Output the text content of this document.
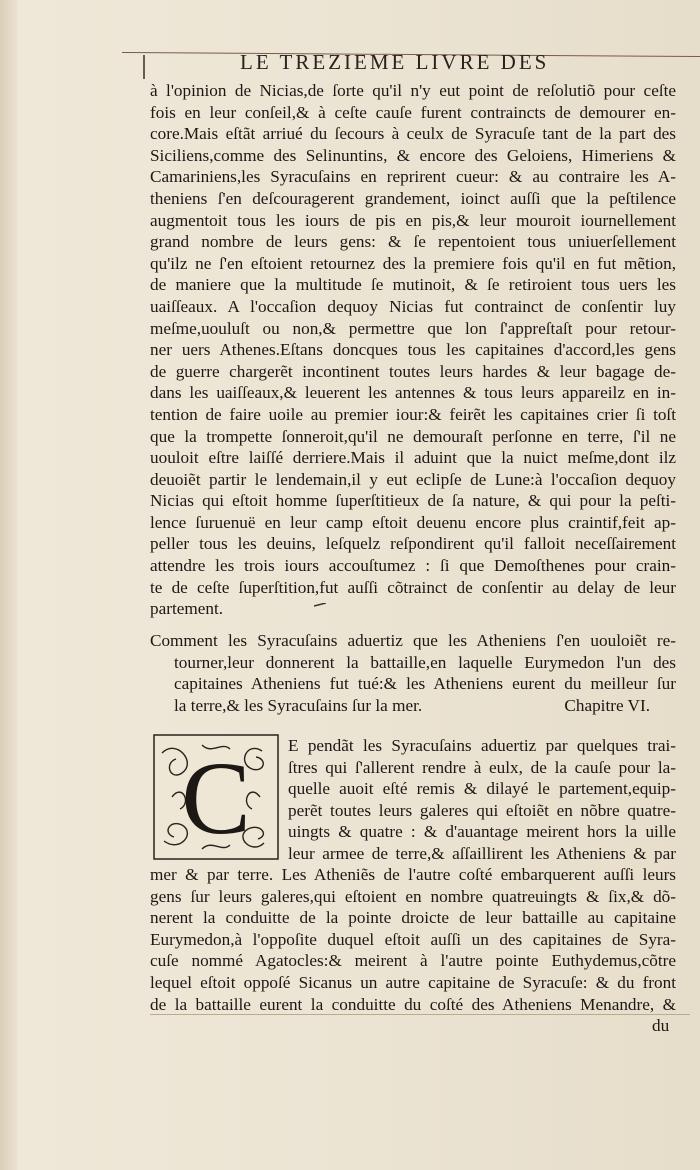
LE TREZIEME LIVRE DES
à l'opinion de Nicias,de ſorte qu'il n'y eut point de reſolutiõ pour ceſte
fois en leur conſeil,& à ceſte cauſe furent contraincts de demourer en-
core.Mais eſtãt arriué du ſecours à ceulx de Syracuſe tant de la part des
Siciliens,comme des Selinuntins, & encore des Geloiens, Himeriens &
Camariniens,les Syracuſains en reprirent cueur: & au contraire les A-
theniens ſ'en deſcouragerent grandement, ioinct auſſi que la peſtilence
augmentoit tous les iours de pis en pis,& leur mouroit iournellement
grand nombre de leurs gens: & ſe repentoient tous uniuerſellement
qu'ilz ne ſ'en eſtoient retournez des la premiere fois qu'il en fut mẽtion,
de maniere que la multitude ſe mutinoit, & ſe retiroient tous uers les
uaiſſeaux. A l'occaſion dequoy Nicias fut contrainct de conſentir luy
meſme,uouluſt ou non,& permettre que lon ſ'appreſtaſt pour retour-
ner uers Athenes.Eſtans doncques tous les capitaines d'accord,les gens
de guerre chargerẽt incontinent toutes leurs hardes & leur bagage de-
dans les uaiſſeaux,& leuerent les antennes & tous leurs appareilz en in-
tention de faire uoile au premier iour:& feirẽt les capitaines crier ſi toſt
que la trompette ſonneroit,qu'il ne demouraſt perſonne en terre, ſ'il ne
uouloit eſtre laiſſé derriere.Mais il aduint que la nuict meſme,dont ilz
deuoiẽt partir le lendemain,il y eut eclipſe de Lune:à l'occaſion dequoy
Nicias qui eſtoit homme ſuperſtitieux de ſa nature, & qui pour la peſti-
lence ſuruenuë en leur camp eſtoit deuenu encore plus craintif,feit ap-
peller tous les deuins, leſquelz reſpondirent qu'il falloit neceſſairement
attendre les trois iours accouſtumez : ſi que Demoſthenes pour crain-
te de ceſte ſuperſtition,fut auſſi cõtrainct de conſentir au delay de leur
partement.
Comment les Syracuſains aduertiz que les Atheniens ſ'en uouloiẽt re-
tourner,leur donnerent la battaille,en laquelle Eurymedon l'un des
capitaines Atheniens fut tué:& les Atheniens eurent du meilleur ſur
la terre,& les Syracuſains ſur la mer.	Chapitre VI.
C E pendãt les Syracuſains aduertiz par quelques trai-
ſtres qui ſ'allerent rendre à eulx, de la cauſe pour la-
quelle auoit eſté remis & dilayé le partement,equip-
perẽt toutes leurs galeres qui eſtoiẽt en nõbre quatre-
uingts & quatre : & d'auantage meirent hors la uille
leur armee de terre,& aſſaillirent les Atheniens & par
mer & par terre. Les Atheniẽs de l'autre coſté embarquerent auſſi leurs
gens ſur leurs galeres,qui eſtoient en nombre quatreuingts & ſix,& dõ-
nerent la conduitte de la pointe droicte de leur battaille au capitaine
Eurymedon,à l'oppoſite duquel eſtoit auſſi un des capitaines de Syra-
cuſe nommé Agatocles:& meirent à l'autre pointe Euthydemus,cõtre
lequel eſtoit oppoſé Sicanus un autre capitaine de Syracuſe: & du front
de la battaille eurent la conduitte du coſté des Atheniens Menandre, &
du
